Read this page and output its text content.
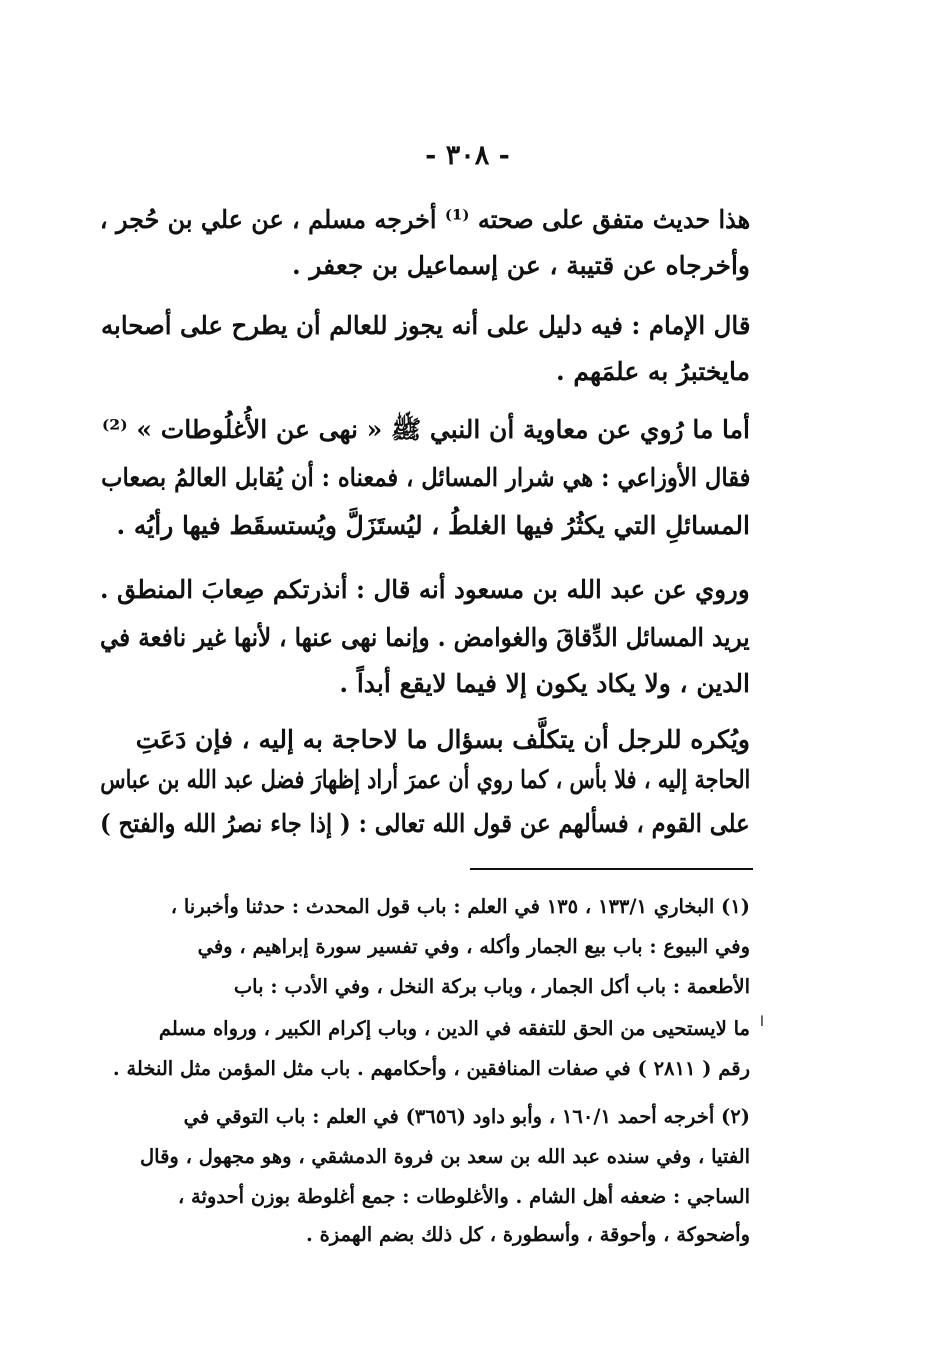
- ٣٠٨ -
هذا حديث متفق على صحته ⁽¹⁾ أخرجه مسلم ، عن علي بن حُجر ،
وأخرجاه عن قتيبة ، عن إسماعيل بن جعفر .
قال الإمام : فيه دليل على أنه يجوز للعالم أن يطرح على أصحابه
مايختبرُ به علمَهم .
أما ما رُوي عن معاوية أن النبي ﷺ « نهى عن الأُغلُوطات » ⁽²⁾
فقال الأوزاعي : هي شرار المسائل ، فمعناه : أن يُقابل العالمُ بصعاب
المسائلِ التي يكثُرُ فيها الغلطُ ، ليُستَزَلَّ ويُستسقَط فيها رأيُه .
وروي عن عبد الله بن مسعود أنه قال : أنذرتكم صِعابَ المنطق .
يريد المسائل الدِّقاقَ والغوامض . وإنما نهى عنها ، لأنها غير نافعة في
الدين ، ولا يكاد يكون إلا فيما لايقع أبداً .
ويُكره للرجل أن يتكلَّف بسؤال ما لاحاجة به إليه ، فإن دَعَتِ
الحاجة إليه ، فلا بأس ، كما روي أن عمرَ أراد إظهارَ فضل عبد الله بن عباس
على القوم ، فسألهم عن قول الله تعالى : ( إذا جاء نصرُ الله والفتح )
(١) البخاري ١٣٣/١ ، ١٣٥ في العلم : باب قول المحدث : حدثنا وأخبرنا ،
وفي البيوع : باب بيع الجمار وأكله ، وفي تفسير سورة إبراهيم ، وفي
الأطعمة : باب أكل الجمار ، وباب بركة النخل ، وفي الأدب : باب
ما لايستحيى من الحق للتفقه في الدين ، وباب إكرام الكبير ، ورواه مسلم
رقم ( ٢٨١١ ) في صفات المنافقين ، وأحكامهم . باب مثل المؤمن مثل النخلة .
(٢) أخرجه أحمد ١٦٠/١ ، وأبو داود (٣٦٥٦) في العلم : باب التوقي في
الفتيا ، وفي سنده عبد الله بن سعد بن فروة الدمشقي ، وهو مجهول ، وقال
الساجي : ضعفه أهل الشام . والأغلوطات : جمع أغلوطة بوزن أحدوثة ،
وأضحوكة ، وأحوقة ، وأسطورة ، كل ذلك بضم الهمزة .
ا
